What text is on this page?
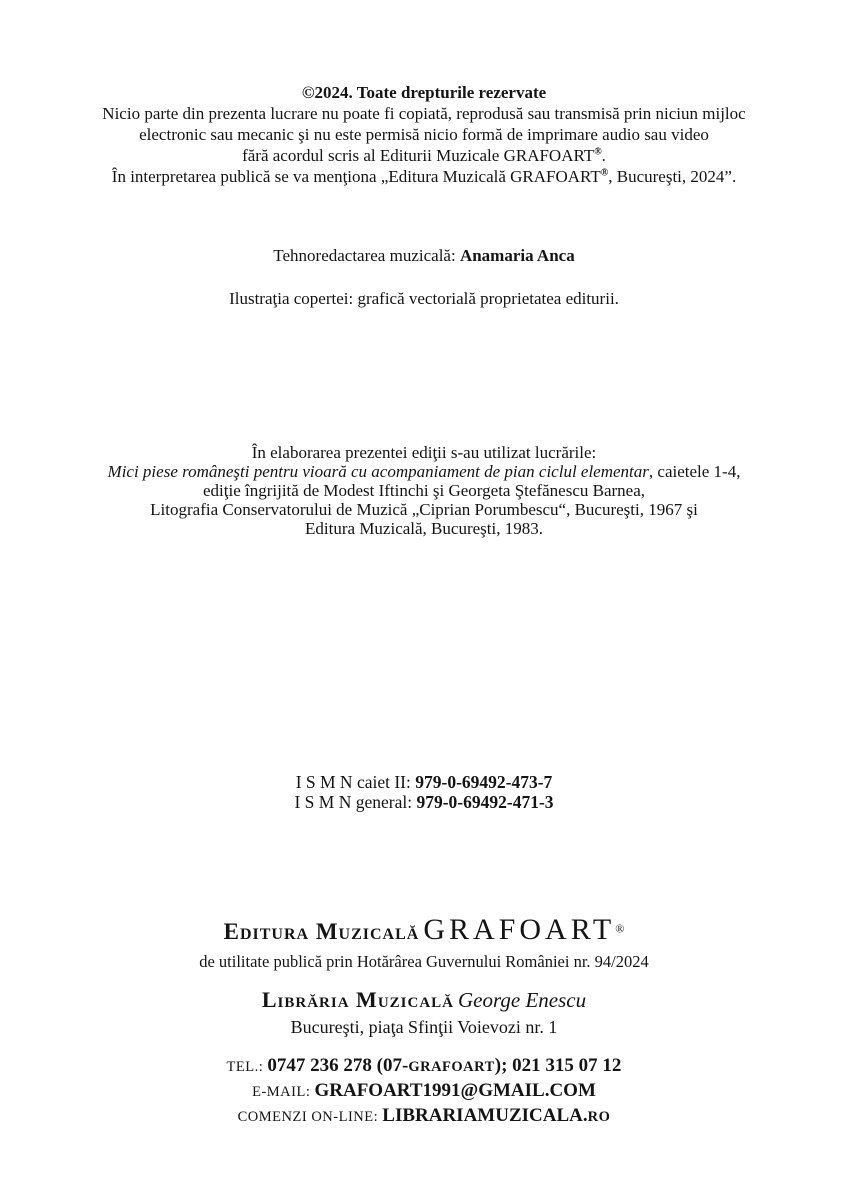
©2024. Toate drepturile rezervate
Nicio parte din prezenta lucrare nu poate fi copiată, reprodusă sau transmisă prin niciun mijloc
electronic sau mecanic şi nu este permisă nicio formă de imprimare audio sau video
fără acordul scris al Editurii Muzicale GRAFOART®.
În interpretarea publică se va menţiona „Editura Muzicală GRAFOART®, Bucureşti, 2024”.
Tehnoredactarea muzicală: Anamaria Anca
Ilustraţia copertei: grafică vectorială proprietatea editurii.
În elaborarea prezentei ediţii s-au utilizat lucrările:
Mici piese româneşti pentru vioară cu acompaniament de pian ciclul elementar, caietele 1-4,
ediţie îngrijită de Modest Iftinchi şi Georgeta Ştefănescu Barnea,
Litografia Conservatorului de Muzică „Ciprian Porumbescu“, Bucureşti, 1967 şi
Editura Muzicală, Bucureşti, 1983.
I S M N caiet II: 979-0-69492-473-7
I S M N general: 979-0-69492-471-3
Editura Muzicală GRAFOART®
de utilitate publică prin Hotărârea Guvernului României nr. 94/2024
Librăria Muzicală George Enescu
Bucureşti, piaţa Sfinţii Voievozi nr. 1
TEL.: 0747 236 278 (07-GRAFOART); 021 315 07 12
E-MAIL: GRAFOART1991@GMAIL.COM
COMENZI ON-LINE: LIBRARIAMUZICALA.RO
